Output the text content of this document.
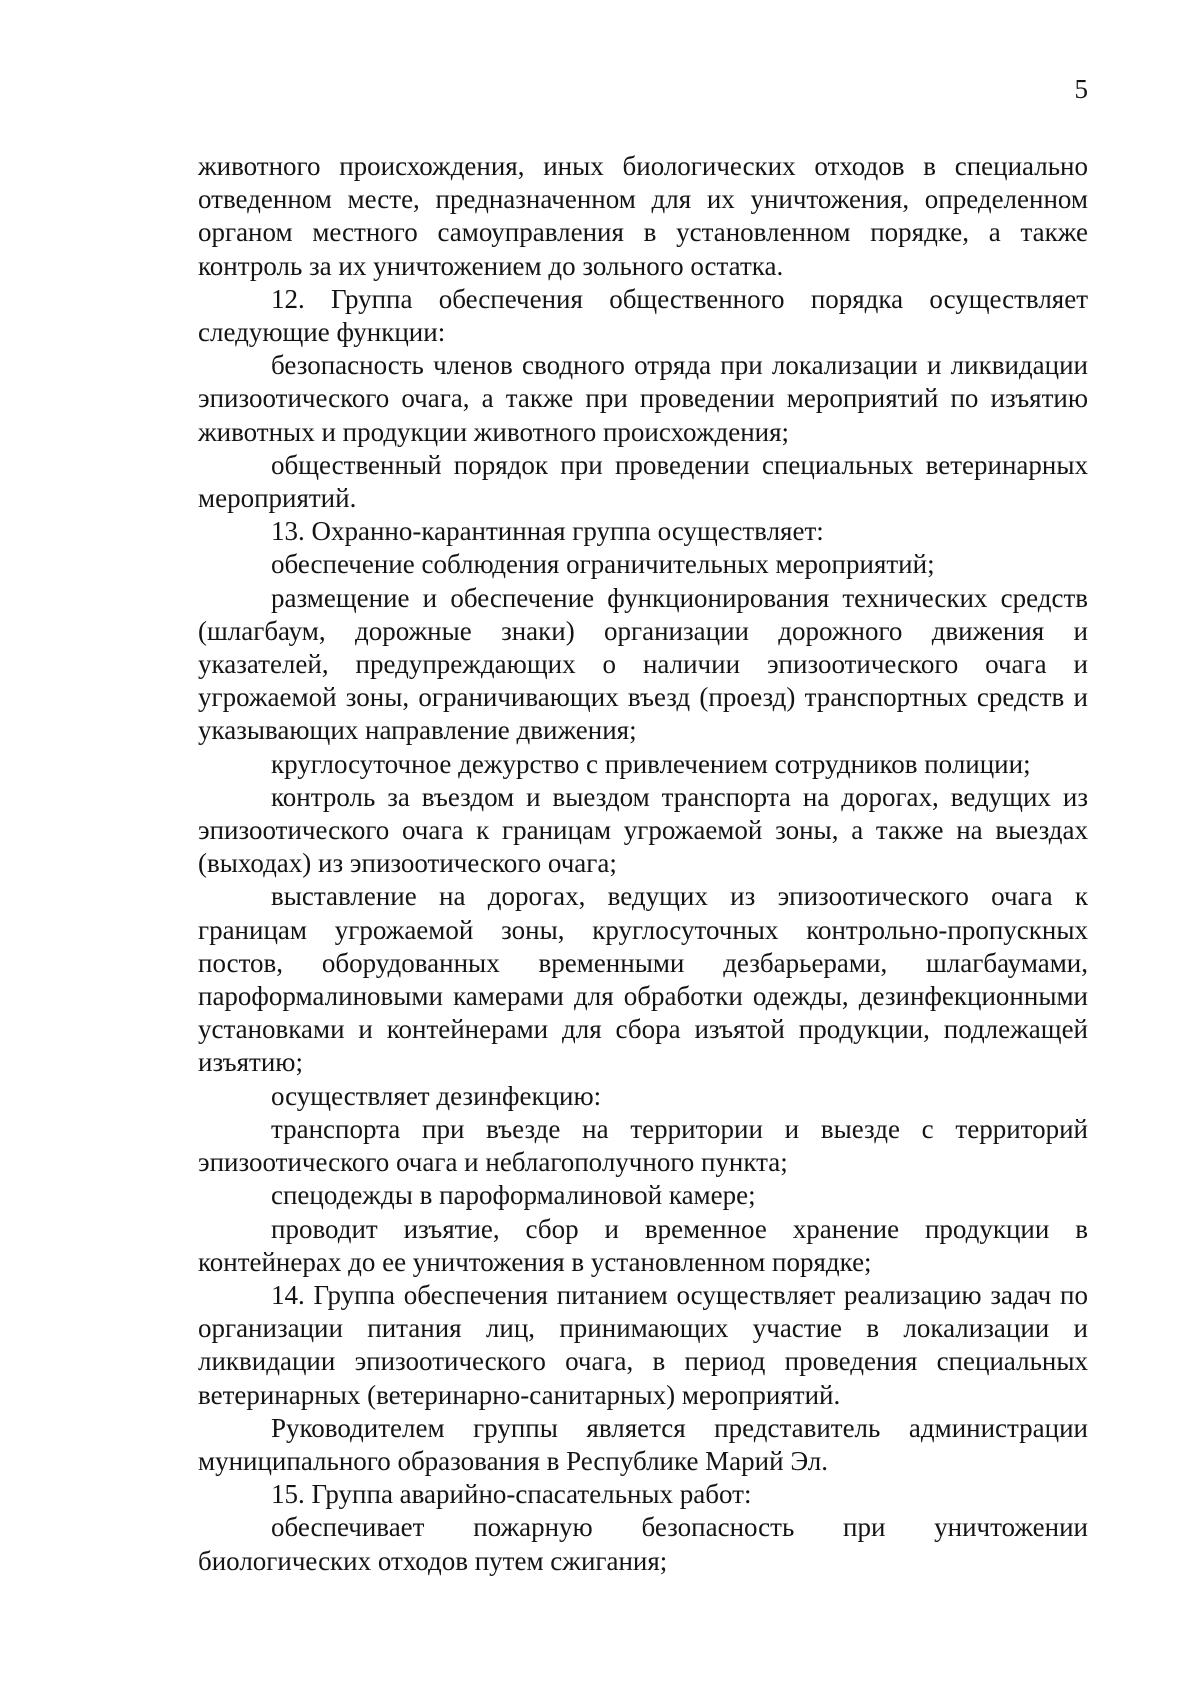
5

животного происхождения, иных биологических отходов в специально отведенном месте, предназначенном для их уничтожения, определенном органом местного самоуправления в установленном порядке, а также контроль за их уничтожением до зольного остатка.

12. Группа обеспечения общественного порядка осуществляет следующие функции:

безопасность членов сводного отряда при локализации и ликвидации эпизоотического очага, а также при проведении мероприятий по изъятию животных и продукции животного происхождения;

общественный порядок при проведении специальных ветеринарных мероприятий.

13. Охранно-карантинная группа осуществляет:

обеспечение соблюдения ограничительных мероприятий;

размещение и обеспечение функционирования технических средств (шлагбаум, дорожные знаки) организации дорожного движения и указателей, предупреждающих о наличии эпизоотического очага и угрожаемой зоны, ограничивающих въезд (проезд) транспортных средств и указывающих направление движения;

круглосуточное дежурство с привлечением сотрудников полиции;

контроль за въездом и выездом транспорта на дорогах, ведущих из эпизоотического очага к границам угрожаемой зоны, а также на выездах (выходах) из эпизоотического очага;

выставление на дорогах, ведущих из эпизоотического очага к границам угрожаемой зоны, круглосуточных контрольно-пропускных постов, оборудованных временными дезбарьерами, шлагбаумами, пароформалиновыми камерами для обработки одежды, дезинфекционными установками и контейнерами для сбора изъятой продукции, подлежащей изъятию;

осуществляет дезинфекцию:

транспорта при въезде на территории и выезде с территорий эпизоотического очага и неблагополучного пункта;

спецодежды в пароформалиновой камере;

проводит изъятие, сбор и временное хранение продукции в контейнерах до ее уничтожения в установленном порядке;

14. Группа обеспечения питанием осуществляет реализацию задач по организации питания лиц, принимающих участие в локализации и ликвидации эпизоотического очага, в период проведения специальных ветеринарных (ветеринарно-санитарных) мероприятий.

Руководителем группы является представитель администрации муниципального образования в Республике Марий Эл.

15. Группа аварийно-спасательных работ:

обеспечивает пожарную безопасность при уничтожении биологических отходов путем сжигания;
